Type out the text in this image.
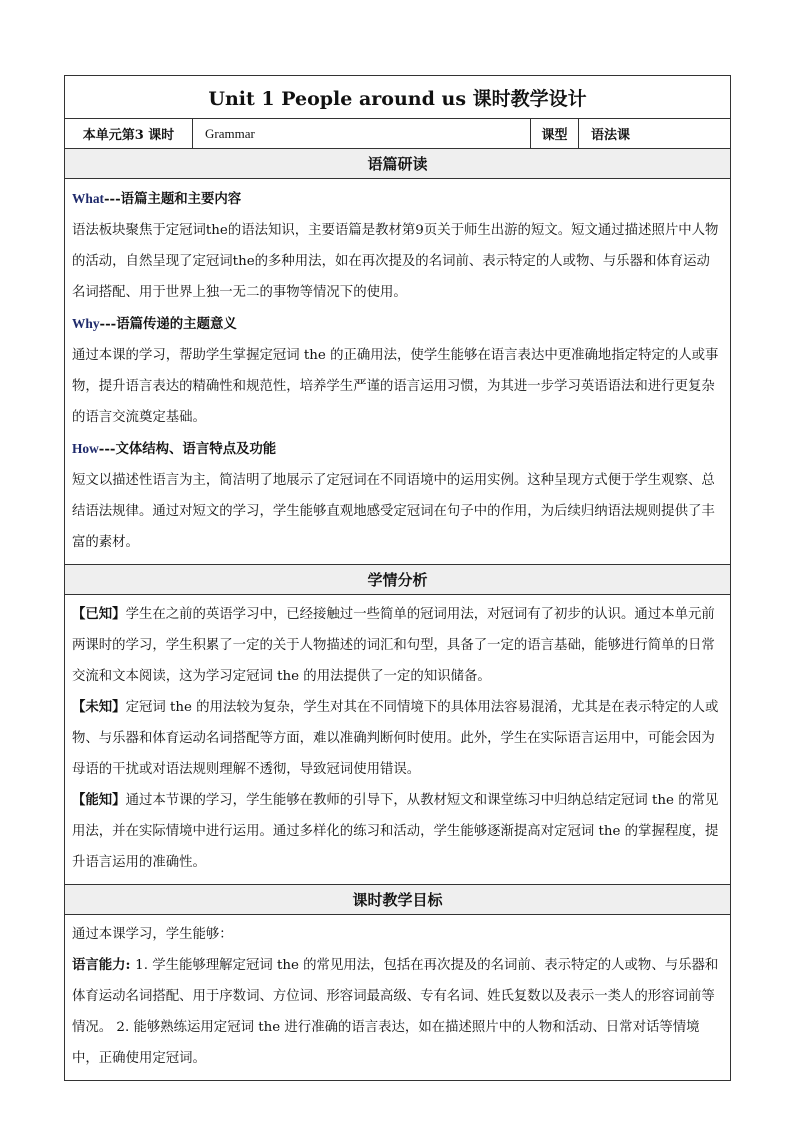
Unit 1 People around us 课时教学设计
本单元第3 课时	Grammar	课型	语法课
语篇研读

What---语篇主题和主要内容

语法板块聚焦于定冠词the的语法知识，主要语篇是教材第9页关于师生出游的短文。短文通过描述照片中人物的活动，自然呈现了定冠词the的多种用法，如在再次提及的名词前、表示特定的人或物、与乐器和体育运动名词搭配、用于世界上独一无二的事物等情况下的使用。

Why---语篇传递的主题意义

通过本课的学习，帮助学生掌握定冠词 the 的正确用法，使学生能够在语言表达中更准确地指定特定的人或事物，提升语言表达的精确性和规范性，培养学生严谨的语言运用习惯，为其进一步学习英语语法和进行更复杂的语言交流奠定基础。

How---文体结构、语言特点及功能

短文以描述性语言为主，简洁明了地展示了定冠词在不同语境中的运用实例。这种呈现方式便于学生观察、总结语法规律。通过对短文的学习，学生能够直观地感受定冠词在句子中的作用，为后续归纳语法规则提供了丰富的素材。

学情分析

【已知】学生在之前的英语学习中，已经接触过一些简单的冠词用法，对冠词有了初步的认识。通过本单元前两课时的学习，学生积累了一定的关于人物描述的词汇和句型，具备了一定的语言基础，能够进行简单的日常交流和文本阅读，这为学习定冠词 the 的用法提供了一定的知识储备。

【未知】定冠词 the 的用法较为复杂，学生对其在不同情境下的具体用法容易混淆，尤其是在表示特定的人或物、与乐器和体育运动名词搭配等方面，难以准确判断何时使用。此外，学生在实际语言运用中，可能会因为母语的干扰或对语法规则理解不透彻，导致冠词使用错误。

【能知】通过本节课的学习，学生能够在教师的引导下，从教材短文和课堂练习中归纳总结定冠词 the 的常见用法，并在实际情境中进行运用。通过多样化的练习和活动，学生能够逐渐提高对定冠词 the 的掌握程度，提升语言运用的准确性。

课时教学目标

通过本课学习，学生能够：

语言能力: 1. 学生能够理解定冠词 the 的常见用法，包括在再次提及的名词前、表示特定的人或物、与乐器和体育运动名词搭配、用于序数词、方位词、形容词最高级、专有名词、姓氏复数以及表示一类人的形容词前等情况。 2. 能够熟练运用定冠词 the 进行准确的语言表达，如在描述照片中的人物和活动、日常对话等情境中，正确使用定冠词。
